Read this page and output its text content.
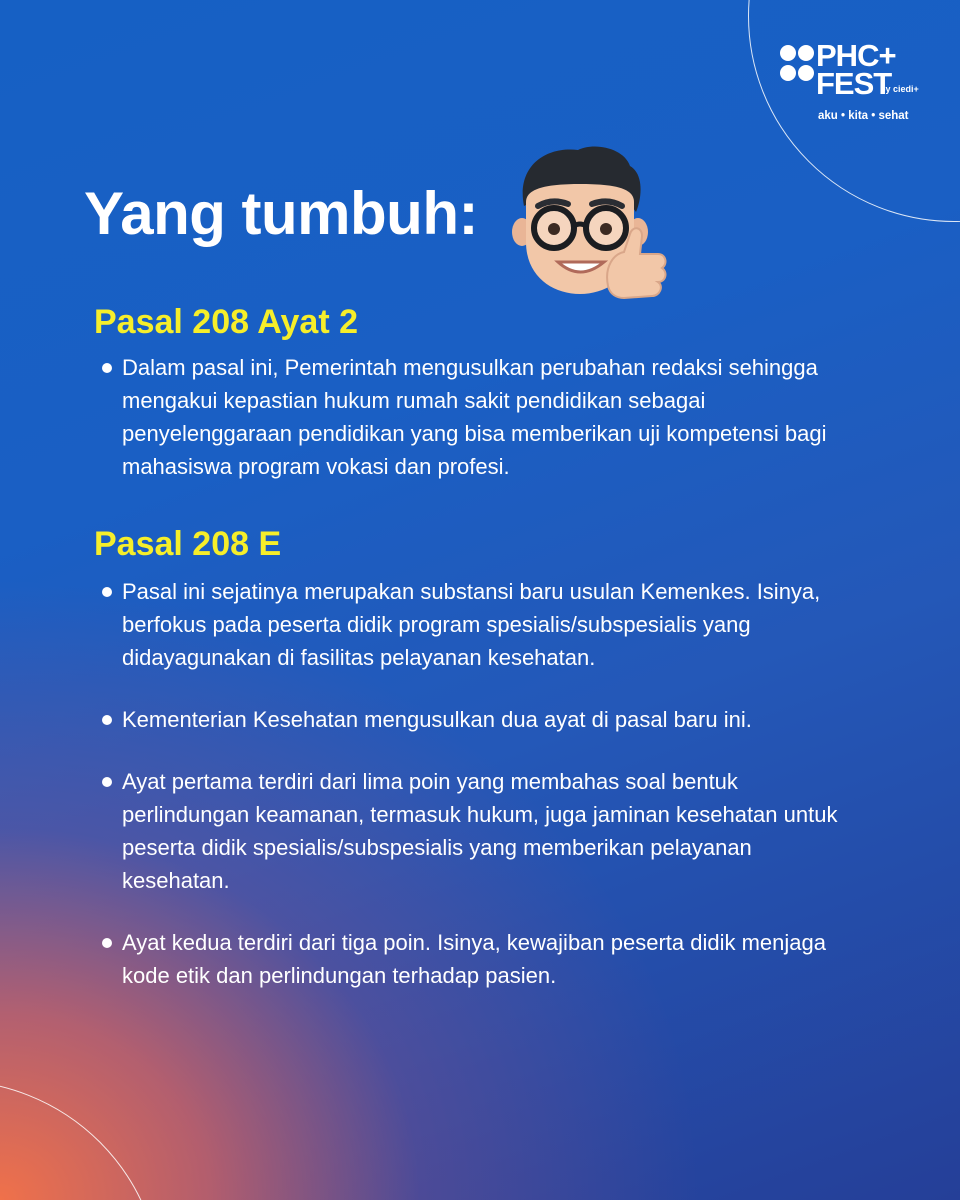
PHC+
FEST
by ciedi+
aku • kita • sehat
Yang tumbuh:
Pasal 208 Ayat 2
Dalam pasal ini, Pemerintah mengusulkan perubahan redaksi sehingga mengakui kepastian hukum rumah sakit pendidikan sebagai penyelenggaraan pendidikan yang bisa memberikan uji kompetensi bagi mahasiswa program vokasi dan profesi.
Pasal 208 E
Pasal ini sejatinya merupakan substansi baru usulan Kemenkes. Isinya, berfokus pada peserta didik program spesialis/subspesialis yang didayagunakan di fasilitas pelayanan kesehatan.
Kementerian Kesehatan mengusulkan dua ayat di pasal baru ini.
Ayat pertama terdiri dari lima poin yang membahas soal bentuk perlindungan keamanan, termasuk hukum, juga jaminan kesehatan untuk peserta didik spesialis/subspesialis yang memberikan pelayanan kesehatan.
Ayat kedua terdiri dari tiga poin. Isinya, kewajiban peserta didik menjaga kode etik dan perlindungan terhadap pasien.
